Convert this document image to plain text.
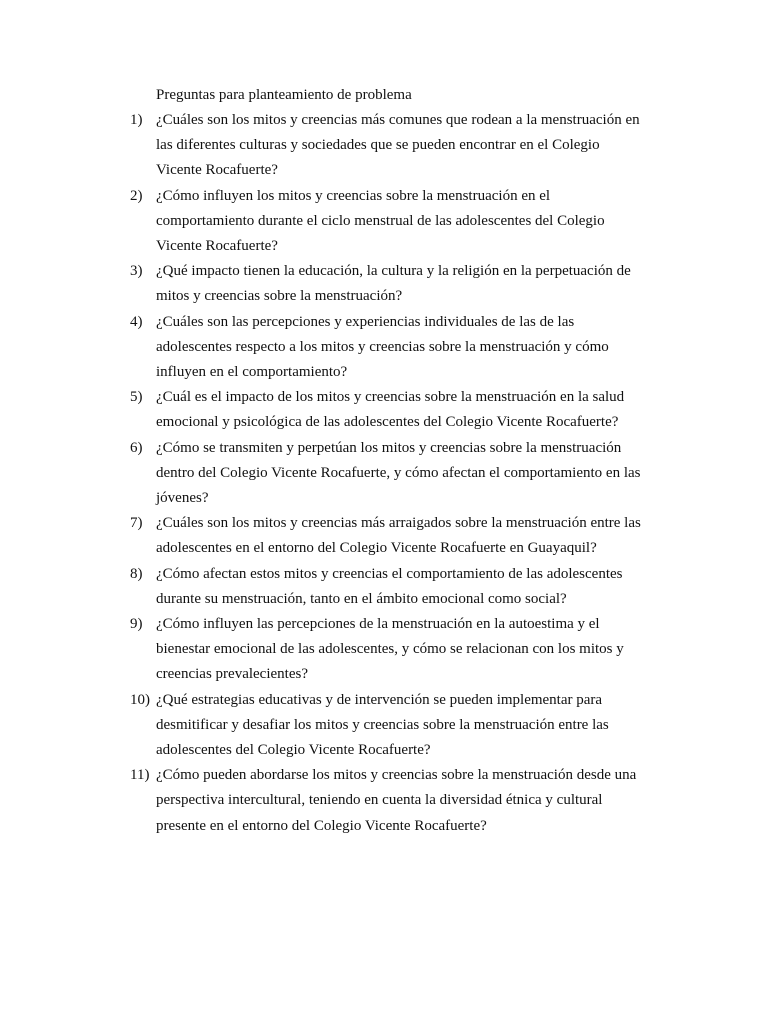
Preguntas para planteamiento de problema

1) ¿Cuáles son los mitos y creencias más comunes que rodean a la menstruación en
las diferentes culturas y sociedades que se pueden encontrar en el Colegio
Vicente Rocafuerte?
2) ¿Cómo influyen los mitos y creencias sobre la menstruación en el
comportamiento durante el ciclo menstrual de las adolescentes del Colegio
Vicente Rocafuerte?
3) ¿Qué impacto tienen la educación, la cultura y la religión en la perpetuación de
mitos y creencias sobre la menstruación?
4) ¿Cuáles son las percepciones y experiencias individuales de las de las
adolescentes respecto a los mitos y creencias sobre la menstruación y cómo
influyen en el comportamiento?
5) ¿Cuál es el impacto de los mitos y creencias sobre la menstruación en la salud
emocional y psicológica de las adolescentes del Colegio Vicente Rocafuerte?
6) ¿Cómo se transmiten y perpetúan los mitos y creencias sobre la menstruación
dentro del Colegio Vicente Rocafuerte, y cómo afectan el comportamiento en las
jóvenes?
7) ¿Cuáles son los mitos y creencias más arraigados sobre la menstruación entre las
adolescentes en el entorno del Colegio Vicente Rocafuerte en Guayaquil?
8) ¿Cómo afectan estos mitos y creencias el comportamiento de las adolescentes
durante su menstruación, tanto en el ámbito emocional como social?
9) ¿Cómo influyen las percepciones de la menstruación en la autoestima y el
bienestar emocional de las adolescentes, y cómo se relacionan con los mitos y
creencias prevalecientes?
10) ¿Qué estrategias educativas y de intervención se pueden implementar para
desmitificar y desafiar los mitos y creencias sobre la menstruación entre las
adolescentes del Colegio Vicente Rocafuerte?
11) ¿Cómo pueden abordarse los mitos y creencias sobre la menstruación desde una
perspectiva intercultural, teniendo en cuenta la diversidad étnica y cultural
presente en el entorno del Colegio Vicente Rocafuerte?
